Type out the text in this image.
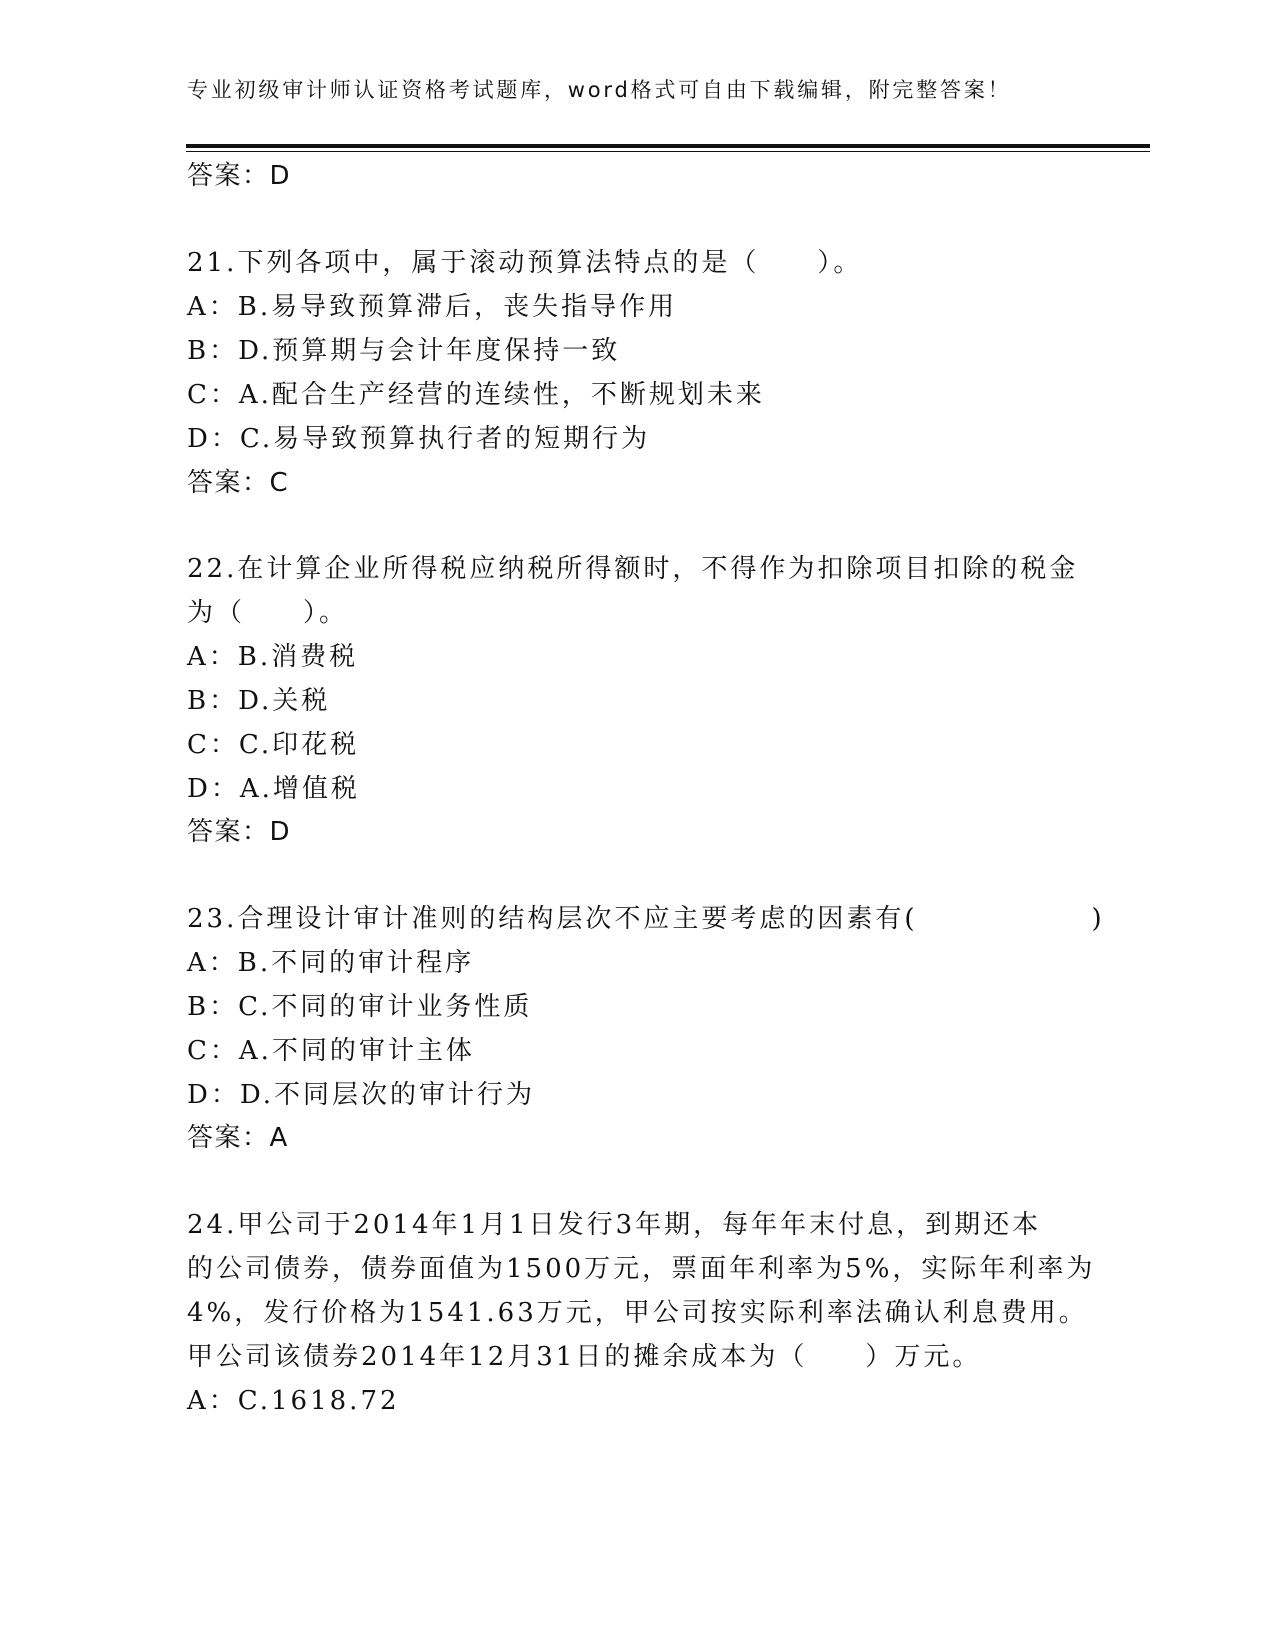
专业初级审计师认证资格考试题库，word格式可自由下载编辑，附完整答案！
答案：D
21.下列各项中，属于滚动预算法特点的是（　　）。
A：B.易导致预算滞后，丧失指导作用
B：D.预算期与会计年度保持一致
C：A.配合生产经营的连续性，不断规划未来
D：C.易导致预算执行者的短期行为
答案：C
22.在计算企业所得税应纳税所得额时，不得作为扣除项目扣除的税金
为（　　）。
A：B.消费税
B：D.关税
C：C.印花税
D：A.增值税
答案：D
23.合理设计审计准则的结构层次不应主要考虑的因素有(　　　　　　)
A：B.不同的审计程序
B：C.不同的审计业务性质
C：A.不同的审计主体
D：D.不同层次的审计行为
答案：A
24.甲公司于2014年1月1日发行3年期，每年年末付息，到期还本
的公司债券，债券面值为1500万元，票面年利率为5%，实际年利率为
4%，发行价格为1541.63万元，甲公司按实际利率法确认利息费用。
甲公司该债券2014年12月31日的摊余成本为（　　）万元。
A：C.1618.72
